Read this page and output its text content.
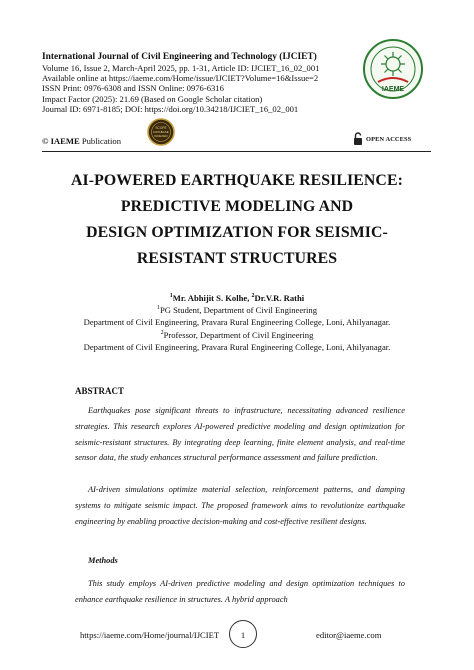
International Journal of Civil Engineering and Technology (IJCIET)
Volume 16, Issue 2, March-April 2025, pp. 1-31, Article ID: IJCIET_16_02_001
Available online at https://iaeme.com/Home/issue/IJCIET?Volume=16&Issue=2
ISSN Print: 0976-6308 and ISSN Online: 0976-6316
Impact Factor (2025): 21.69 (Based on Google Scholar citation)
Journal ID: 6971-8185; DOI: https://doi.org/10.34218/IJCIET_16_02_001
IAEME
© IAEME Publication
SCOPE
DATABASE
INDEXED	OPEN ACCESS
AI-POWERED EARTHQUAKE RESILIENCE:
PREDICTIVE MODELING AND
DESIGN OPTIMIZATION FOR SEISMIC-
RESISTANT STRUCTURES
$^1$Mr. Abhijit S. Kolhe, $^2$Dr.V.R. Rathi
$^1$PG Student, Department of Civil Engineering
Department of Civil Engineering, Pravara Rural Engineering College, Loni, Ahilyanagar.
$^2$Professor, Department of Civil Engineering
Department of Civil Engineering, Pravara Rural Engineering College, Loni, Ahilyanagar.
ABSTRACT
Earthquakes pose significant threats to infrastructure, necessitating advanced resilience strategies. This research explores AI-powered predictive modeling and design optimization for seismic-resistant structures. By integrating deep learning, finite element analysis, and real-time sensor data, the study enhances structural performance assessment and failure prediction.
AI-driven simulations optimize material selection, reinforcement patterns, and damping systems to mitigate seismic impact. The proposed framework aims to revolutionize earthquake engineering by enabling proactive decision-making and cost-effective resilient designs.
Methods
This study employs AI-driven predictive modeling and design optimization techniques to enhance earthquake resilience in structures. A hybrid approach
https://iaeme.com/Home/journal/IJCIET	1	editor@iaeme.com
